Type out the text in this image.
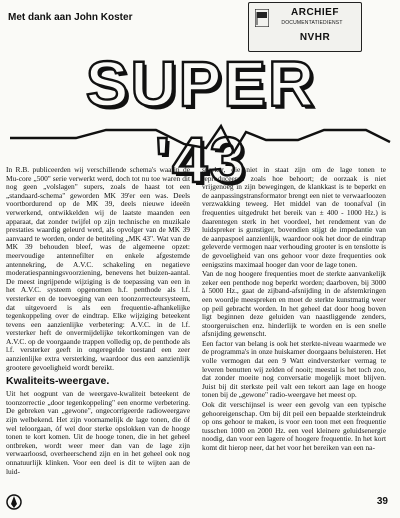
Met dank aan John Koster	ARCHIEF
DOCUMENTATIEDIENST
NVHR
SUPER '43

In R.B. publiceerden wij verschillende schema's waarin de Mu-core „500" serie verwerkt werd, doch tot nu toe waren dit nog geen „volslagen" supers, zoals de haast tot een „standaard-schema" geworden MK 39'er een was. Deels voortbordurend op de MK 39, deels nieuwe ideeën verwerkend, ontwikkelden wij de laatste maanden een apparaat, dat zonder twijfel op zijn technische en muzikale prestaties waardig geleurd werd, als opvolger van de MK 39 aanvaard te worden, onder de betiteling „MK 43". Wat van de MK 39 behouden bleef, was de algemeene opzet: meervoudige antennefilter en enkele afgestemde antennekring, de A.V.C. schakeling en negatieve moderatiespanningsvoorziening, benevens het buizen-aantal. De meest ingrijpende wijziging is de toepassing van een in het A.V.C. systeem opgenomen h.f. penthode als l.f. versterker en de toevoeging van een toonzorrecteursysteem, dat uitgevoerd is als een frequentie-afhankelijke tegenkoppeling over de eindtrap. Elke wijziging beteekent tevens een aanzienlijke verbetering: A.V.C. in de l.f. versterker heft de onvermijdelijke tekortkomingen van de A.V.C. op de voorgaande trappen volledig op, de penthode als l.f. versterker geeft in ongeregelde toestand een zeer aanzienlijke extra versterking, waardoor dus een aanzienlijk grootere gevoeligheid wordt bereikt.

Kwaliteits-weergave.

Uit het oogpunt van de weergave-kwaliteit beteekent de toonzorrectie „door tegenkoppeling" een enorme verbetering. De gebreken van „gewone", ongecorrigeerde radioweergave zijn welbekend. Het zijn voornamelijk de lage tonen, die óf wel teloorgaan, óf wel door sterke opslokken van de hooge tonen te kort komen. Uit de hooge tonen, die in het geheel ontbreken, wordt weer meer dan van de lage zijn verwaarloosd, overheerschend zijn en in het geheel ook nog onnatuurlijk klinken. Voor een deel is dit te wijten aan de luid-

spreker, die niet in staat zijn om de lage tonen te reproduceeren zoals hoe behoort; de oorzaak is niet vrijgenoeg in zijn bewegingen, de klankkast is te beperkt en de aanpassingstransformator brengt een niet te verwaarloozen verzwakking teweeg. Het middel van de toonafval (in frequenties uitgedrukt het bereik van ± 400 - 1000 Hz.) is daarentegen sterk in het voordeel, het rendement van de luidspreker is gunstiger, bovendien stijgt de impedantie van de aanpaspoel aanzienlijk, waardoor ook het door de eindtrap geleverde vermogen naar verhouding grooter is en tenslotte is de gevoeligheid van ons gehoor voor deze frequenties ook eenigszins maximaal hooger dan voor de lage tonen.

Van de nog hoogere frequenties moet de sterkte aanvankelijk zeker een penthode nog beperkt worden; daarboven, bij 3000 à 5000 Hz., gaat de zijband-afsnijding in de afstemkringen een woordje meespreken en moet de sterkte kunstmatig weer op peil gebracht worden. In het geheel dat door hoog boven ligt beginnen deze geluiden van naastliggende zenders, stoorgeruischen enz. hinderlijk te worden en is een snelle afsnijding gewenscht.

Een factor van belang is ook het sterkte-niveau waarmede we de programma's in onze huiskamer doorgaans beluisteren. Het volle vermogen dat een 9 Watt eindversterker vermag te leveren benutten wij zelden of nooit; meestal is het toch zoo, dat zonder moeite nog conversatie mogelijk moet blijven. Juist bij dit sterkste peil valt een tekort aan lage en hooge tonen bij de „gewone" radio-weergave het meest op.

Ook dit verschijnsel is weer een gevolg van een typische gehooreigenschap. Om bij dit peil een bepaalde sterkteindruk op ons gehoor te maken, is voor een toon met een frequentie tusschen 1000 en 2000 Hz. een veel kleinere geluidsenergie noodig, dan voor een lagere of hoogere frequentie. In het kort komt dit hierop neer, dat het voor het bereiken van een na-

39
